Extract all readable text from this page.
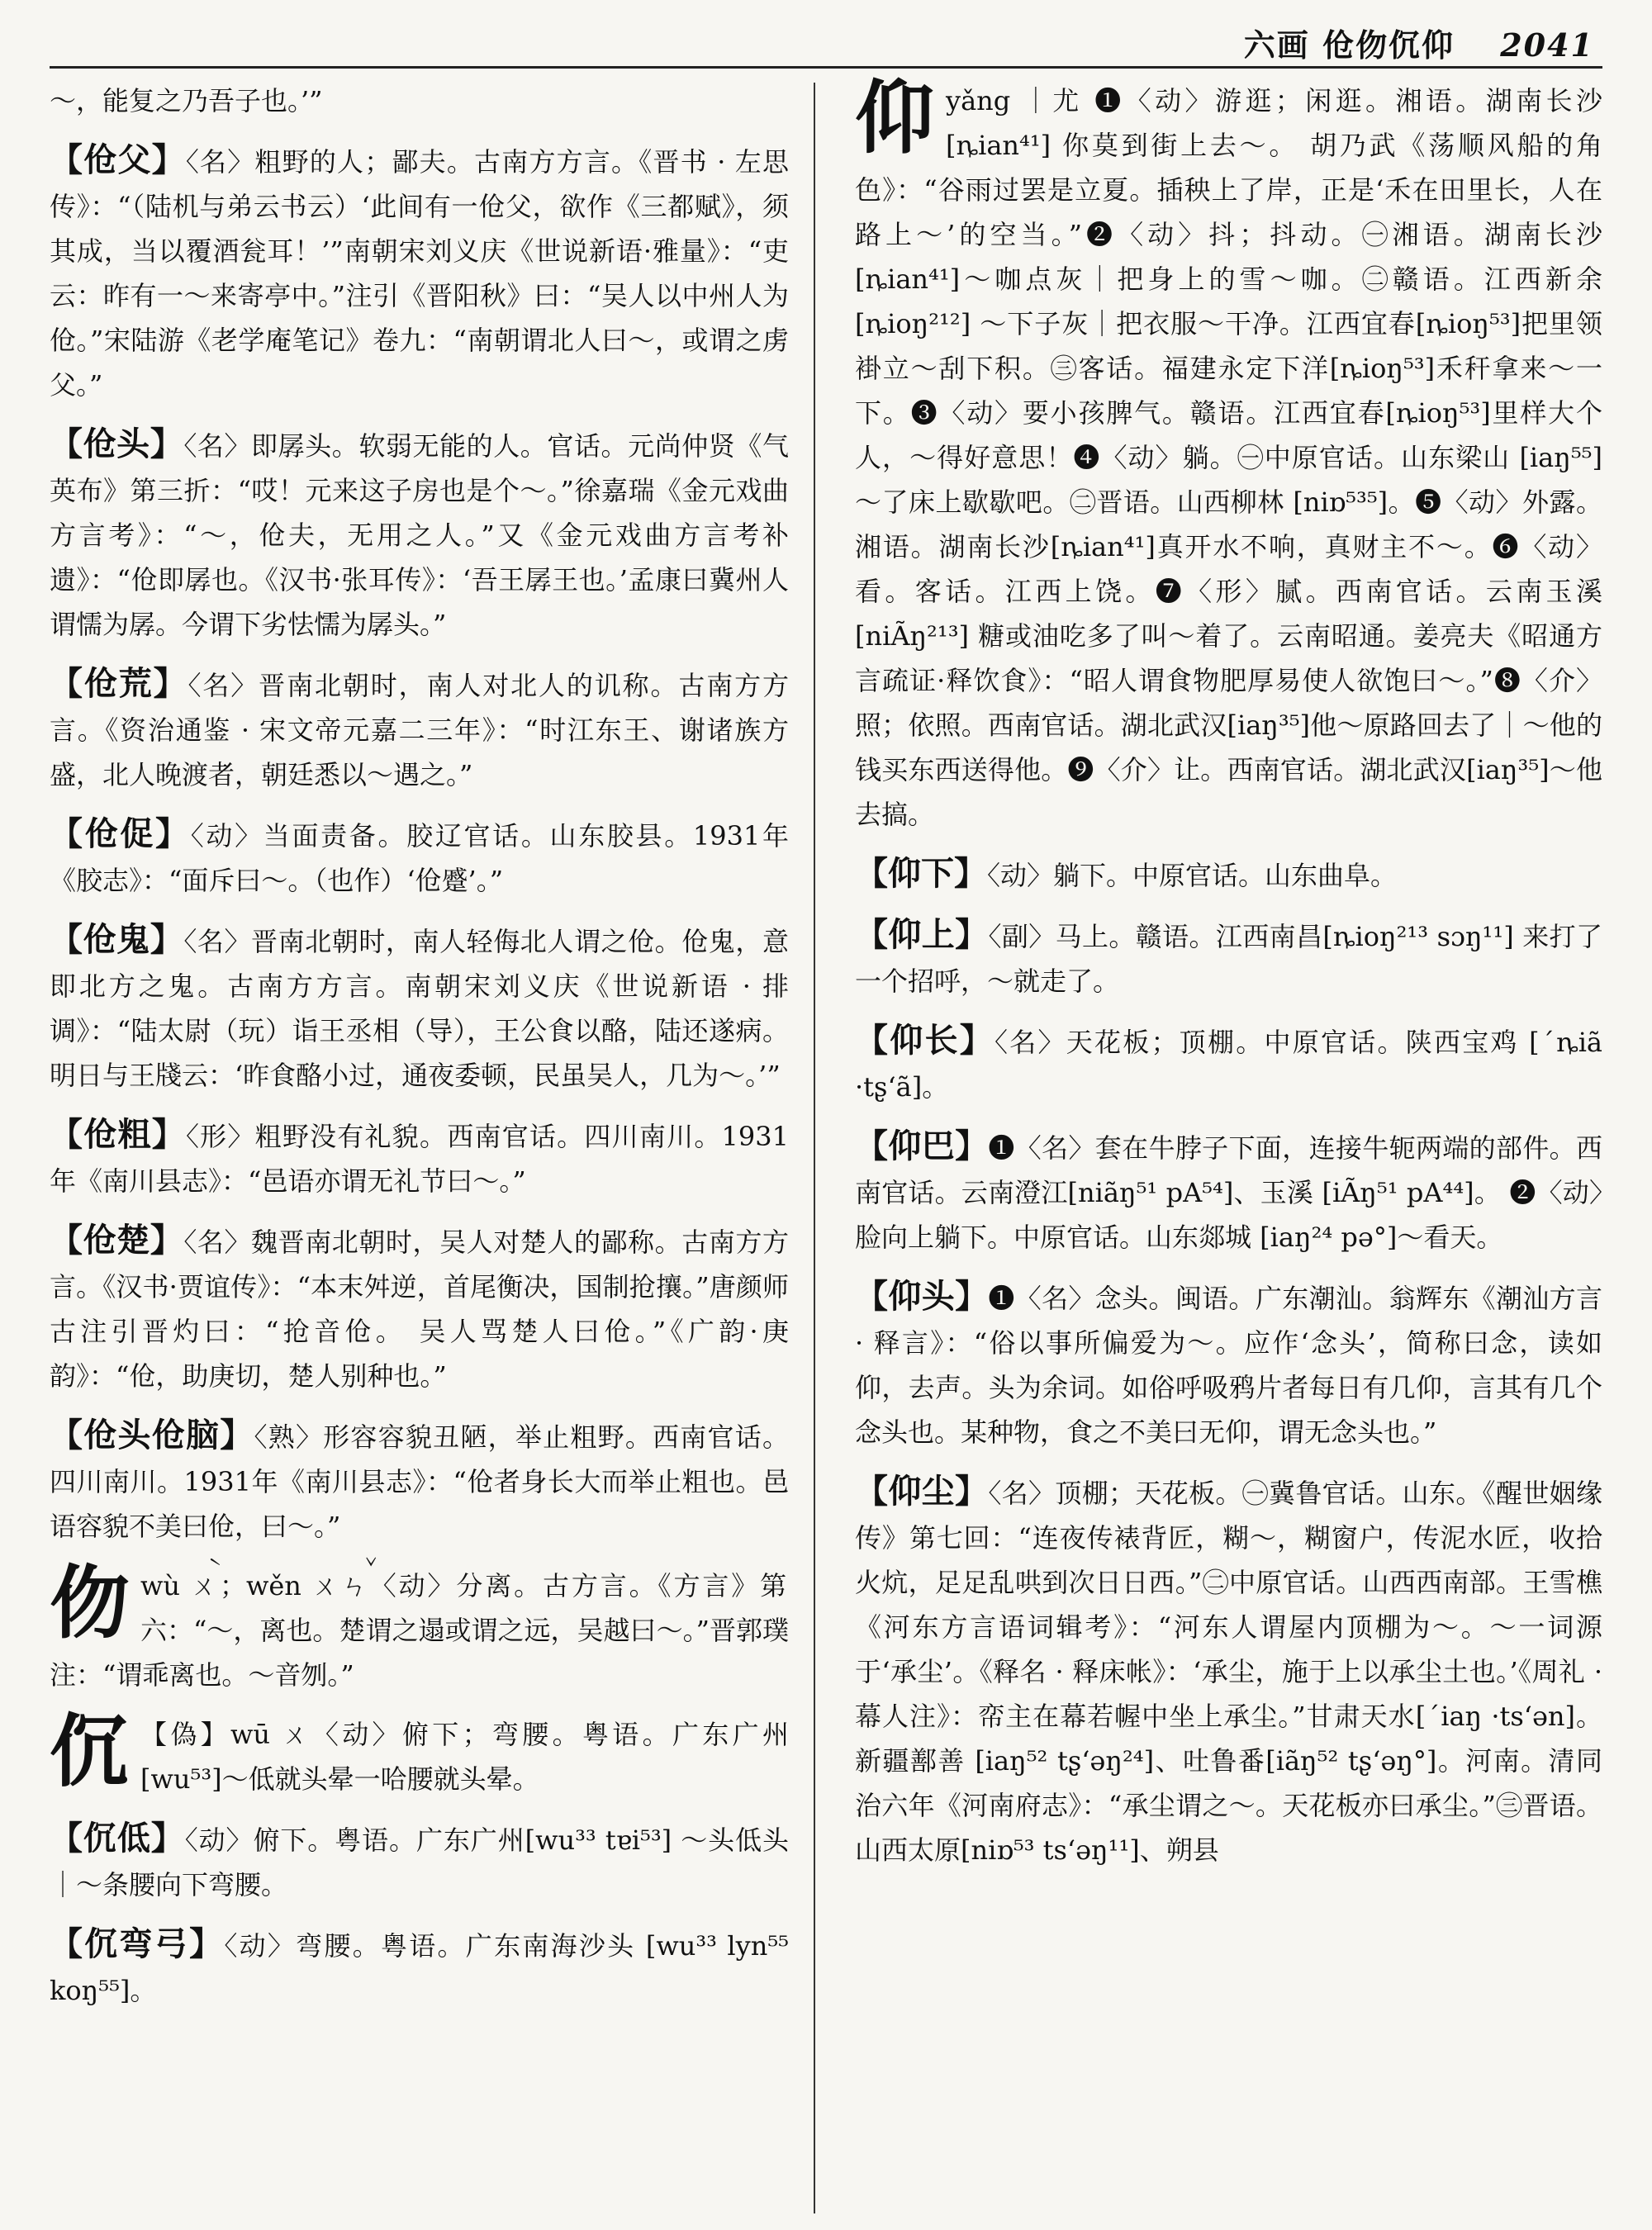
六画 伧伆伔仰 2041
～，能复之乃吾子也。’”
【伧父】〈名〉粗野的人；鄙夫。古南方方言。《晋书 · 左思传》：“（陆机与弟云书云）‘此间有一伧父，欲作《三都赋》，须其成，当以覆酒瓮耳！’”南朝宋刘义庆《世说新语·雅量》：“吏云：昨有一～来寄亭中。”注引《晋阳秋》曰：“吴人以中州人为伧。”宋陆游《老学庵笔记》卷九：“南朝谓北人曰～，或谓之虏父。”
【伧头】〈名〉即孱头。软弱无能的人。官话。元尚仲贤《气英布》第三折：“哎！元来这子房也是个～。”徐嘉瑞《金元戏曲方言考》：“～，伧夫，无用之人。”又《金元戏曲方言考补遗》：“伧即孱也。《汉书·张耳传》：‘吾王孱王也。’孟康曰冀州人谓懦为孱。今谓下劣怯懦为孱头。”
【伧荒】〈名〉晋南北朝时，南人对北人的讥称。古南方方言。《资治通鉴 · 宋文帝元嘉二三年》：“时江东王、谢诸族方盛，北人晚渡者，朝廷悉以～遇之。”
【伧促】〈动〉当面责备。胶辽官话。山东胶县。1931年《胶志》：“面斥曰～。（也作）‘伧蹙’。”
【伧鬼】〈名〉晋南北朝时，南人轻侮北人谓之伧。伧鬼，意即北方之鬼。古南方方言。南朝宋刘义庆《世说新语 · 排调》：“陆太尉（玩）诣王丞相（导），王公食以酪，陆还遂病。明日与王牋云：‘昨食酪小过，通夜委顿，民虽吴人，几为～。’”
【伧粗】〈形〉粗野没有礼貌。西南官话。四川南川。1931年《南川县志》：“邑语亦谓无礼节曰～。”
【伧楚】〈名〉魏晋南北朝时，吴人对楚人的鄙称。古南方方言。《汉书·贾谊传》：“本末舛逆，首尾衡决，国制抢攘。”唐颜师古注引晋灼曰：“抢音伧。 吴人骂楚人曰伧。”《广韵·庚韵》：“伧，助庚切，楚人别种也。”
【伧头伧脑】〈熟〉形容容貌丑陋，举止粗野。西南官话。四川南川。1931年《南川县志》：“伧者身长大而举止粗也。邑语容貌不美曰伧，曰～。”
伆wù ㄨ̀；wěn ㄨㄣ̌〈动〉分离。古方言。《方言》第六：“～，离也。楚谓之遢或谓之远，吴越曰～。”晋郭璞注：“谓乖离也。～音刎。”
伔 【偽】wū ㄨ〈动〉俯下；弯腰。粤语。广东广州[wu⁵³]～低就头晕一哈腰就头晕。
【伔低】〈动〉俯下。粤语。广东广州[wu³³ tɐi⁵³] ～头低头｜～条腰向下弯腰。
【伔弯弓】〈动〉弯腰。粤语。广东南海沙头 [wu³³ lyn⁵⁵ koŋ⁵⁵]。
仰yǎng ｜尤 ❶〈动〉游逛；闲逛。湘语。湖南长沙[ȵian⁴¹] 你莫到街上去～。 胡乃武《荡顺风船的角色》：“谷雨过罢是立夏。插秧上了岸，正是‘禾在田里长，人在路上～’的空当。”❷〈动〉抖；抖动。㊀湘语。湖南长沙[ȵian⁴¹]～咖点灰｜把身上的雪～咖。㊁赣语。江西新余[ȵioŋ²¹²] ～下子灰｜把衣服～干净。江西宜春[ȵioŋ⁵³]把里领褂立～刮下积。㊂客话。福建永定下洋[ȵioŋ⁵³]禾秆拿来～一下。❸〈动〉要小孩脾气。赣语。江西宜春[ȵioŋ⁵³]里样大个人，～得好意思！❹〈动〉躺。㊀中原官话。山东梁山 [iaŋ⁵⁵] ～了床上歇歇吧。㊁晋语。山西柳林 [niɒ⁵³⁵]。❺〈动〉外露。湘语。湖南长沙[ȵian⁴¹]真开水不响，真财主不～。❻〈动〉看。客话。江西上饶。❼〈形〉腻。西南官话。云南玉溪[niÃŋ²¹³] 糖或油吃多了叫～着了。云南昭通。姜亮夫《昭通方言疏证·释饮食》：“昭人谓食物肥厚易使人欲饱曰～。”❽〈介〉照；依照。西南官话。湖北武汉[iaŋ³⁵]他～原路回去了｜～他的钱买东西送得他。❾〈介〉让。西南官话。湖北武汉[iaŋ³⁵]～他去搞。
【仰下】〈动〉躺下。中原官话。山东曲阜。
【仰上】〈副〉马上。赣语。江西南昌[ȵioŋ²¹³ sɔŋ¹¹] 来打了一个招呼，～就走了。
【仰长】〈名〉天花板；顶棚。中原官话。陕西宝鸡 [ˊȵiã ·tʂʻã]。
【仰巴】❶〈名〉套在牛脖子下面，连接牛轭两端的部件。西南官话。云南澄江[niãŋ⁵¹ pA⁵⁴]、玉溪 [iÃŋ⁵¹ pA⁴⁴]。 ❷〈动〉脸向上躺下。中原官话。山东郯城 [iaŋ²⁴ pə°]～看天。
【仰头】❶〈名〉念头。闽语。广东潮汕。翁辉东《潮汕方言 · 释言》：“俗以事所偏爱为～。应作‘念头’，简称曰念，读如仰，去声。头为余词。如俗呼吸鸦片者每日有几仰，言其有几个念头也。某种物，食之不美曰无仰，谓无念头也。”
【仰尘】〈名〉顶棚；天花板。㊀冀鲁官话。山东。《醒世姻缘传》第七回：“连夜传裱背匠，糊～，糊窗户，传泥水匠，收拾火炕，足足乱哄到次日日西。”㊁中原官话。山西西南部。王雪樵《河东方言语词辑考》：“河东人谓屋内顶棚为～。～一词源于‘承尘’。《释名 · 释床帐》：‘承尘，施于上以承尘土也。’《周礼 · 幕人注》：帟主在幕若幄中坐上承尘。”甘肃天水[ˊiaŋ ·tsʻən]。新疆鄯善 [iaŋ⁵² tʂʻəŋ²⁴]、吐鲁番[iãŋ⁵² tʂʻəŋ°]。河南。清同治六年《河南府志》：“承尘谓之～。天花板亦曰承尘。”㊂晋语。山西太原[niɒ⁵³ tsʻəŋ¹¹]、朔县
